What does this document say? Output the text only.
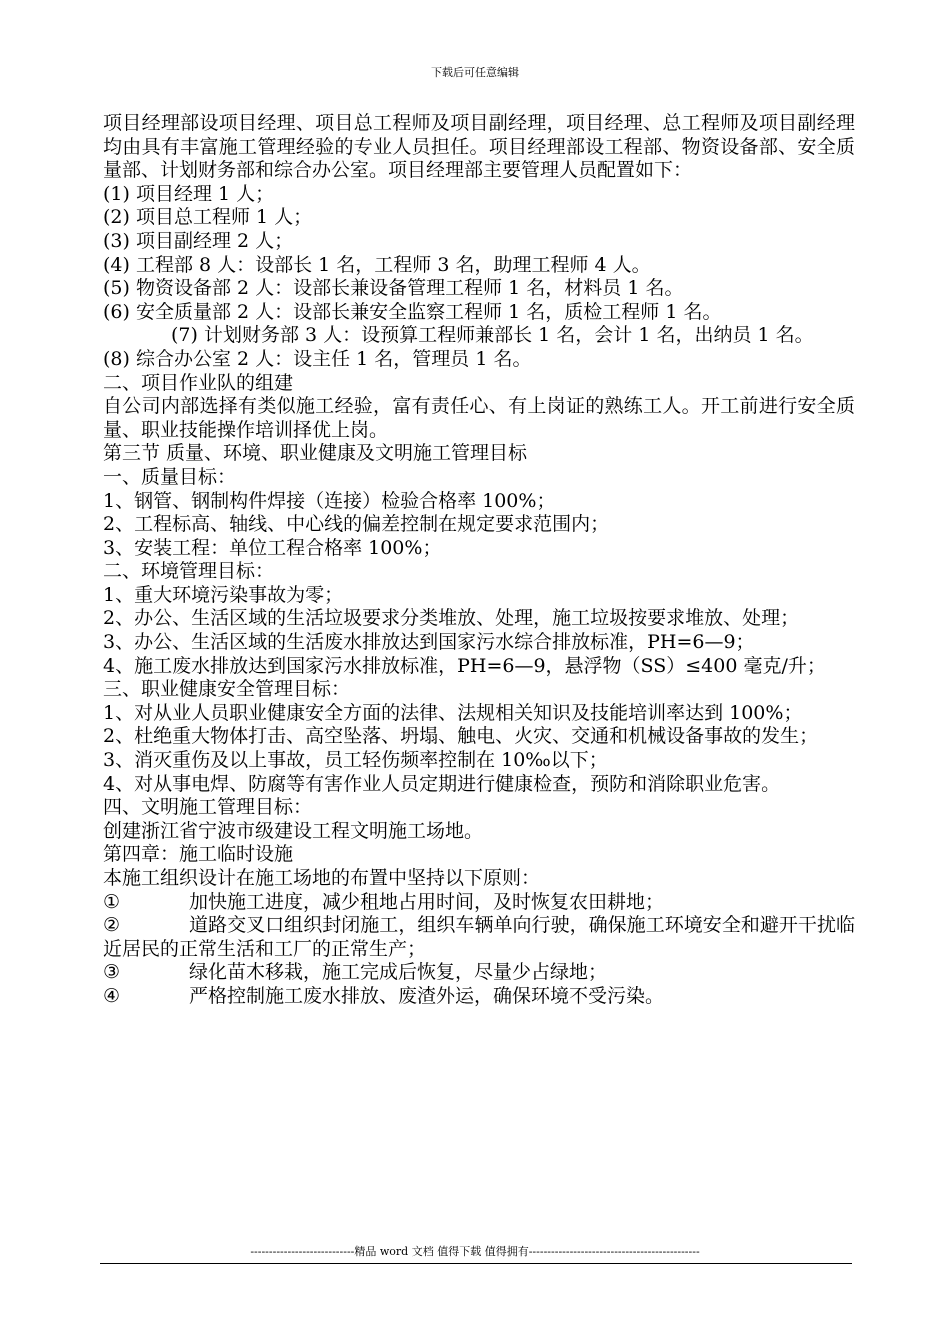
下载后可任意编辑

项目经理部设项目经理、项目总工程师及项目副经理，项目经理、总工程师及项目副经理均由具有丰富施工管理经验的专业人员担任。项目经理部设工程部、物资设备部、安全质量部、计划财务部和综合办公室。项目经理部主要管理人员配置如下：

(1) 项目经理 1 人；

(2) 项目总工程师 1 人；

(3) 项目副经理 2 人；

(4) 工程部 8 人：设部长 1 名，工程师 3 名，助理工程师 4 人。

(5) 物资设备部 2 人：设部长兼设备管理工程师 1 名，材料员 1 名。

(6) 安全质量部 2 人：设部长兼安全监察工程师 1 名，质检工程师 1 名。

(7) 计划财务部 3 人：设预算工程师兼部长 1 名，会计 1 名，出纳员 1 名。

(8) 综合办公室 2 人：设主任 1 名，管理员 1 名。

二、项目作业队的组建

自公司内部选择有类似施工经验，富有责任心、有上岗证的熟练工人。开工前进行安全质量、职业技能操作培训择优上岗。

第三节 质量、环境、职业健康及文明施工管理目标

一、质量目标：

1、钢管、钢制构件焊接（连接）检验合格率 100%；

2、工程标高、轴线、中心线的偏差控制在规定要求范围内；

3、安装工程：单位工程合格率 100%；

二、环境管理目标：

1、重大环境污染事故为零；

2、办公、生活区域的生活垃圾要求分类堆放、处理，施工垃圾按要求堆放、处理；

3、办公、生活区域的生活废水排放达到国家污水综合排放标准，PH=6—9；

4、施工废水排放达到国家污水排放标准，PH=6—9，悬浮物（SS）≤400 毫克/升；

三、职业健康安全管理目标：

1、对从业人员职业健康安全方面的法律、法规相关知识及技能培训率达到 100%；

2、杜绝重大物体打击、高空坠落、坍塌、触电、火灾、交通和机械设备事故的发生；

3、消灭重伤及以上事故，员工轻伤频率控制在 10‰以下；

4、对从事电焊、防腐等有害作业人员定期进行健康检查，预防和消除职业危害。

四、文明施工管理目标：

创建浙江省宁波市级建设工程文明施工场地。

第四章：施工临时设施

本施工组织设计在施工场地的布置中坚持以下原则：

①	加快施工进度，减少租地占用时间，及时恢复农田耕地；

②	道路交叉口组织封闭施工，组织车辆单向行驶，确保施工环境安全和避开干扰临近居民的正常生活和工厂的正常生产；

③	绿化苗木移栽，施工完成后恢复，尽量少占绿地；

④	严格控制施工废水排放、废渣外运，确保环境不受污染。

----------------------------精品 word 文档 值得下载 值得拥有----------------------------------------------
